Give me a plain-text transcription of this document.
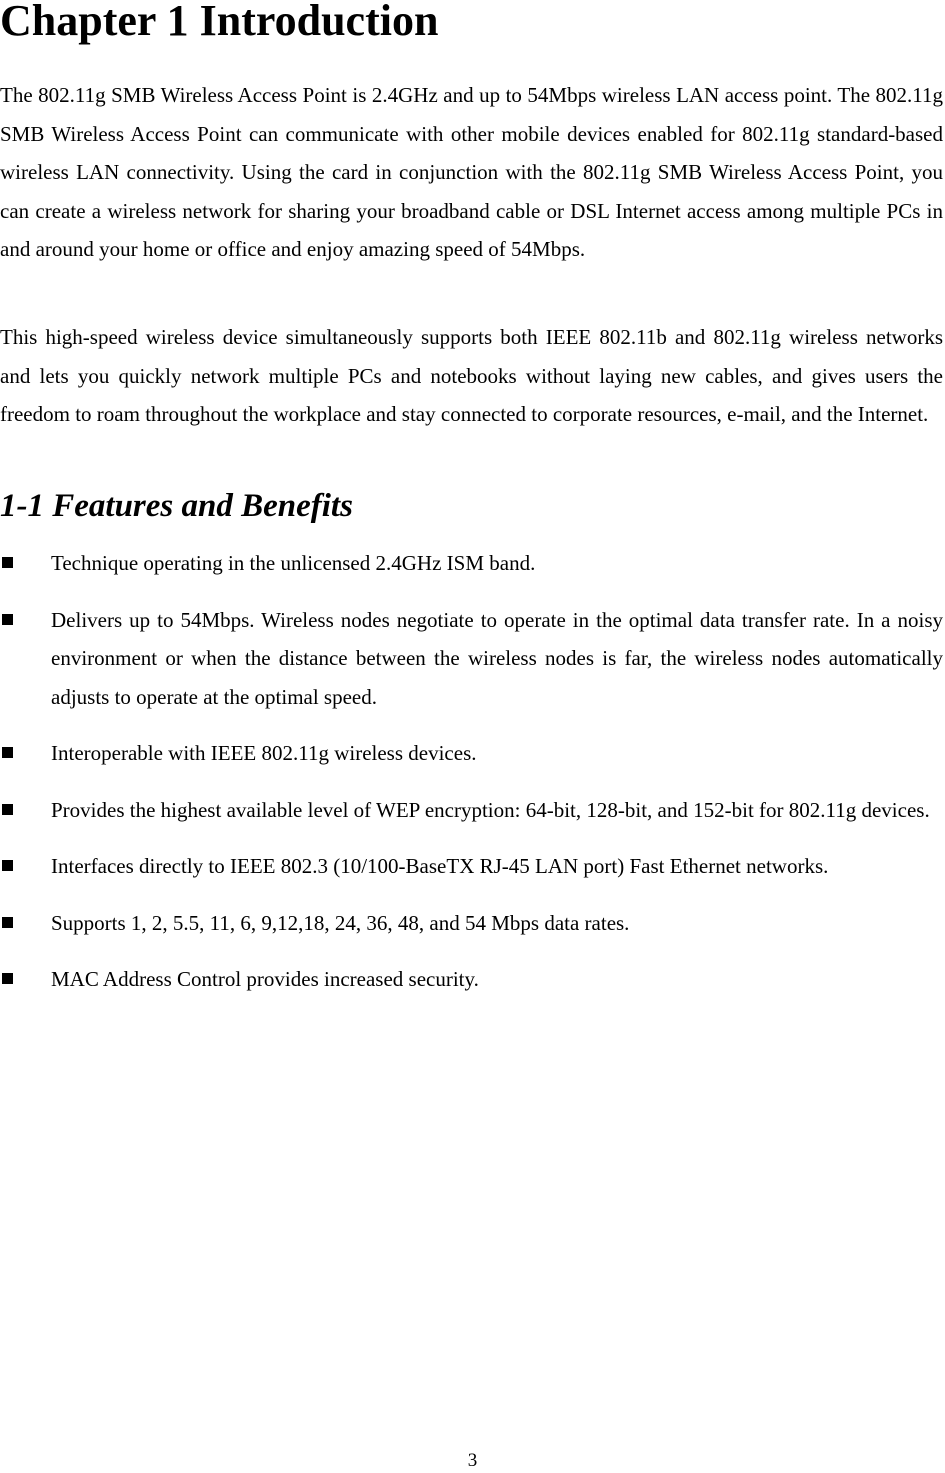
Chapter 1 Introduction

The 802.11g SMB Wireless Access Point is 2.4GHz and up to 54Mbps wireless LAN access point. The 802.11g SMB Wireless Access Point can communicate with other mobile devices enabled for 802.11g standard-based wireless LAN connectivity. Using the card in conjunction with the 802.11g SMB Wireless Access Point, you can create a wireless network for sharing your broadband cable or DSL Internet access among multiple PCs in and around your home or office and enjoy amazing speed of 54Mbps.

This high-speed wireless device simultaneously supports both IEEE 802.11b and 802.11g wireless networks and lets you quickly network multiple PCs and notebooks without laying new cables, and gives users the freedom to roam throughout the workplace and stay connected to corporate resources, e-mail, and the Internet.

1-1 Features and Benefits
Technique operating in the unlicensed 2.4GHz ISM band.
Delivers up to 54Mbps. Wireless nodes negotiate to operate in the optimal data transfer rate. In a noisy environment or when the distance between the wireless nodes is far, the wireless nodes automatically adjusts to operate at the optimal speed.
Interoperable with IEEE 802.11g wireless devices.
Provides the highest available level of WEP encryption: 64-bit, 128-bit, and 152-bit for 802.11g devices.
Interfaces directly to IEEE 802.3 (10/100-BaseTX RJ-45 LAN port) Fast Ethernet networks.
Supports 1, 2, 5.5, 11, 6, 9,12,18, 24, 36, 48, and 54 Mbps data rates.
MAC Address Control provides increased security.

3
